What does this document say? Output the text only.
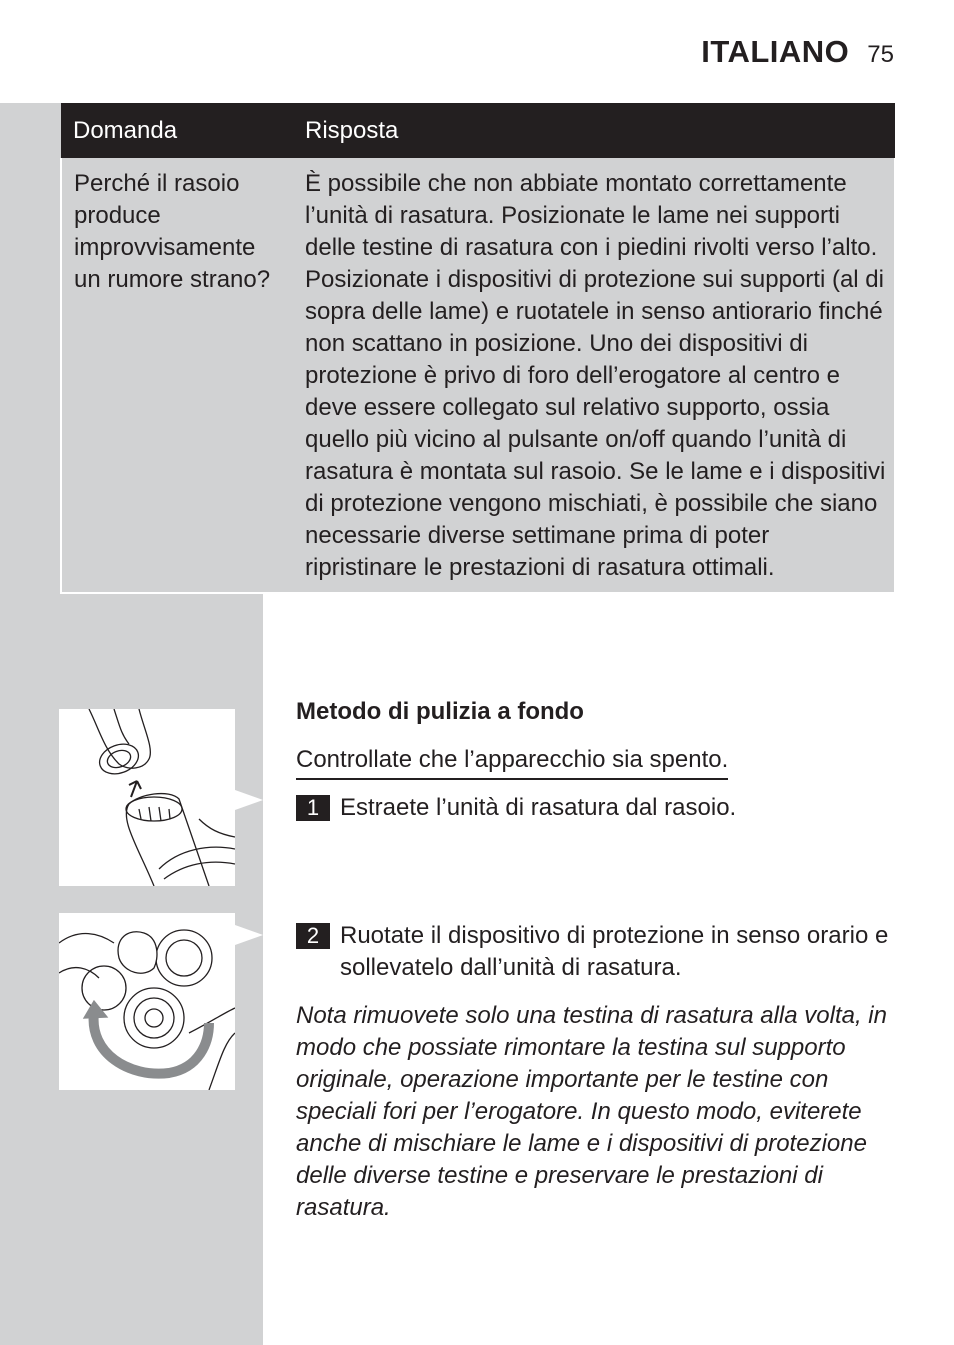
ITALIANO 75
Domanda	Risposta
Perché il rasoio produce improvvisamente un rumore strano?	È possibile che non abbiate montato correttamente l’unità di rasatura. Posizionate le lame nei supporti delle testine di rasatura con i piedini rivolti verso l’alto. Posizionate i dispositivi di protezione sui supporti (al di sopra delle lame) e ruotatele in senso antiorario finché non scattano in posizione. Uno dei dispositivi di protezione è privo di foro dell’erogatore al centro e deve essere collegato sul relativo supporto, ossia quello più vicino al pulsante on/off quando l’unità di rasatura è montata sul rasoio. Se le lame e i dispositivi di protezione vengono mischiati, è possibile che siano necessarie diverse settimane prima di poter ripristinare le prestazioni di rasatura ottimali.
Metodo di pulizia a fondo
Controllate che l’apparecchio sia spento.
1 Estraete l’unità di rasatura dal rasoio.
2 Ruotate il dispositivo di protezione in senso orario e sollevatelo dall’unità di rasatura.
Nota rimuovete solo una testina di rasatura alla volta, in modo che possiate rimontare la testina sul supporto originale, operazione importante per le testine con speciali fori per l’erogatore. In questo modo, eviterete anche di mischiare le lame e i dispositivi di protezione delle diverse testine e preservare le prestazioni di rasatura.
